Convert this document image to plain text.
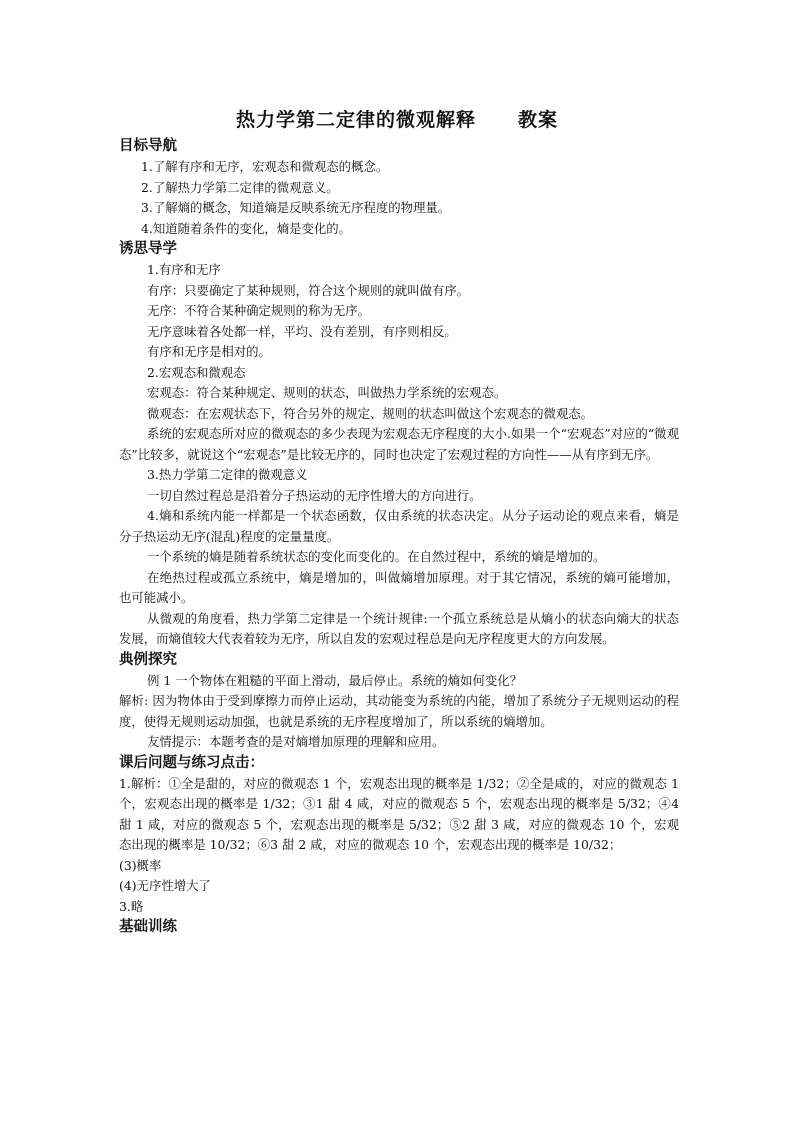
热力学第二定律的微观解释 教案
目标导航

1.了解有序和无序，宏观态和微观态的概念。

2.了解热力学第二定律的微观意义。

3.了解熵的概念，知道熵是反映系统无序程度的物理量。

4.知道随着条件的变化，熵是变化的。

诱思导学

1.有序和无序

有序：只要确定了某种规则，符合这个规则的就叫做有序。

无序：不符合某种确定规则的称为无序。

无序意味着各处都一样，平均、没有差别，有序则相反。

有序和无序是相对的。

2.宏观态和微观态

宏观态：符合某种规定、规则的状态，叫做热力学系统的宏观态。

微观态：在宏观状态下，符合另外的规定、规则的状态叫做这个宏观态的微观态。

系统的宏观态所对应的微观态的多少表现为宏观态无序程度的大小.如果一个“宏观态”对应的“微观态”比较多，就说这个“宏观态”是比较无序的，同时也决定了宏观过程的方向性——从有序到无序。

3.热力学第二定律的微观意义

一切自然过程总是沿着分子热运动的无序性增大的方向进行。

4.熵和系统内能一样都是一个状态函数，仅由系统的状态决定。从分子运动论的观点来看，熵是分子热运动无序(混乱)程度的定量量度。

一个系统的熵是随着系统状态的变化而变化的。在自然过程中，系统的熵是增加的。

在绝热过程或孤立系统中，熵是增加的，叫做熵增加原理。对于其它情况，系统的熵可能增加，也可能减小。

从微观的角度看，热力学第二定律是一个统计规律:一个孤立系统总是从熵小的状态向熵大的状态发展，而熵值较大代表着较为无序，所以自发的宏观过程总是向无序程度更大的方向发展。

典例探究

例 1 一个物体在粗糙的平面上滑动，最后停止。系统的熵如何变化？

解析: 因为物体由于受到摩擦力而停止运动，其动能变为系统的内能，增加了系统分子无规则运动的程度，使得无规则运动加强，也就是系统的无序程度增加了，所以系统的熵增加。

友情提示：本题考查的是对熵增加原理的理解和应用。

课后问题与练习点击：

1.解析：①全是甜的，对应的微观态 1 个，宏观态出现的概率是 1/32；②全是咸的，对应的微观态 1 个，宏观态出现的概率是 1/32；③1 甜 4 咸，对应的微观态 5 个，宏观态出现的概率是 5/32；④4 甜 1 咸，对应的微观态 5 个，宏观态出现的概率是 5/32；⑤2 甜 3 咸，对应的微观态 10 个，宏观态出现的概率是 10/32；⑥3 甜 2 咸，对应的微观态 10 个，宏观态出现的概率是 10/32；

(3)概率

(4)无序性增大了

3.略

基础训练
